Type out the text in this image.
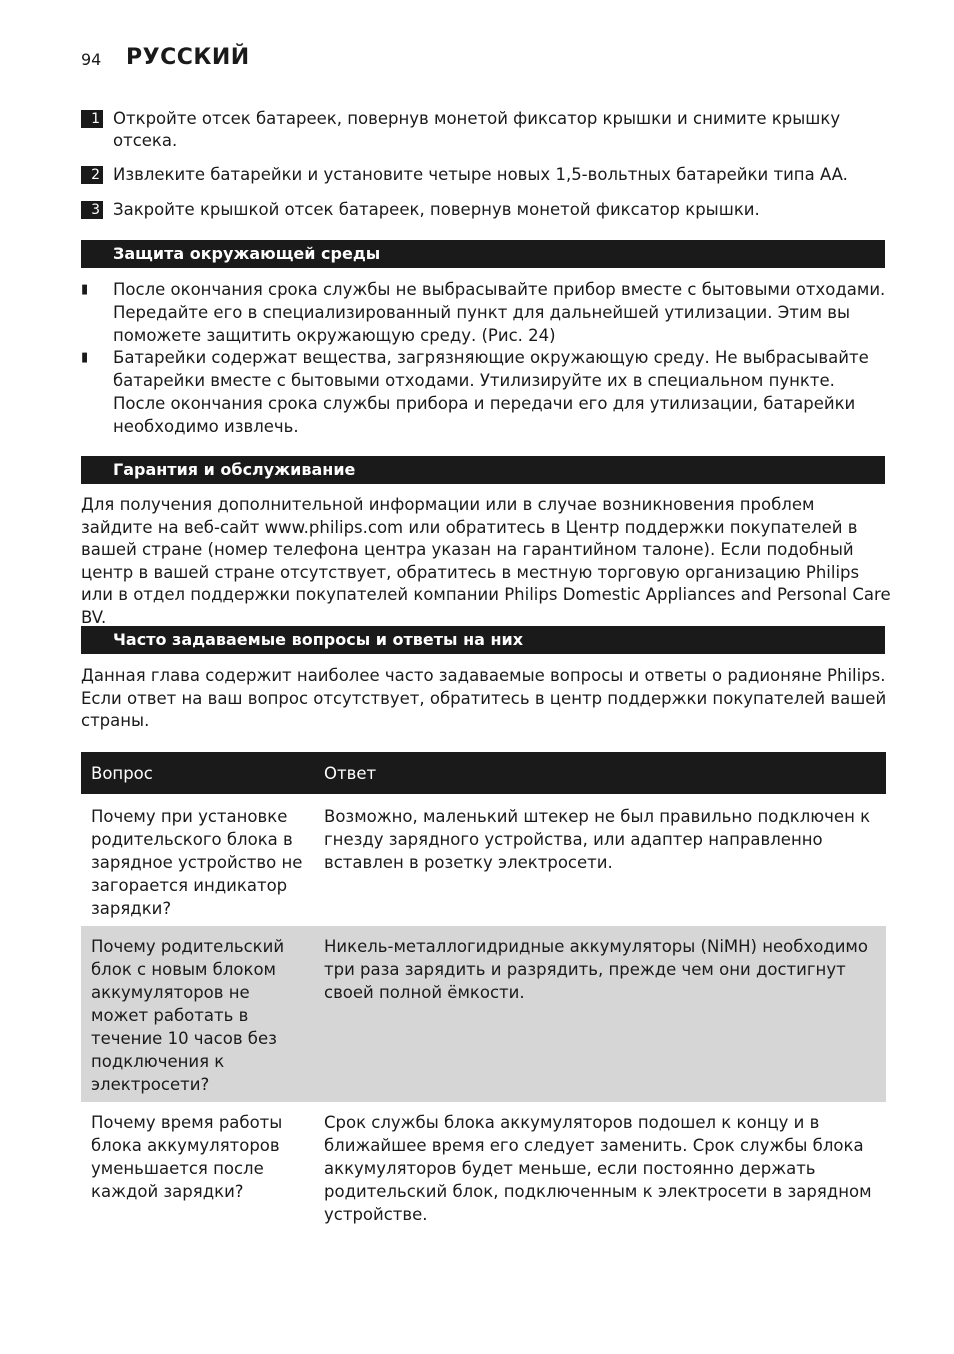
94 РУССКИЙ
1 Откройте отсек батареек, повернув монетой фиксатор крышки и снимите крышку отсека.
2 Извлеките батарейки и установите четыре новых 1,5-вольтных батарейки типа AA.
3 Закройте крышкой отсек батареек, повернув монетой фиксатор крышки.
Защита окружающей среды
▮	После окончания срока службы не выбрасывайте прибор вместе с бытовыми отходами. Передайте его в специализированный пункт для дальнейшей утилизации. Этим вы поможете защитить окружающую среду. (Рис. 24)
▮	Батарейки содержат вещества, загрязняющие окружающую среду. Не выбрасывайте батарейки вместе с бытовыми отходами. Утилизируйте их в специальном пункте. После окончания срока службы прибора и передачи его для утилизации, батарейки необходимо извлечь.
Гарантия и обслуживание
Для получения дополнительной информации или в случае возникновения проблем зайдите на веб-сайт www.philips.com или обратитесь в Центр поддержки покупателей в вашей стране (номер телефона центра указан на гарантийном талоне). Если подобный центр в вашей стране отсутствует, обратитесь в местную торговую организацию Philips или в отдел поддержки покупателей компании Philips Domestic Appliances and Personal Care BV.
Часто задаваемые вопросы и ответы на них
Данная глава содержит наиболее часто задаваемые вопросы и ответы о радионяне Philips. Если ответ на ваш вопрос отсутствует, обратитесь в центр поддержки покупателей вашей страны.
Вопрос	Ответ
Почему при установке родительского блока в зарядное устройство не загорается индикатор зарядки?	Возможно, маленький штекер не был правильно подключен к гнезду зарядного устройства, или адаптер направленно вставлен в розетку электросети.
Почему родительский блок с новым блоком аккумуляторов не может работать в течение 10 часов без подключения к электросети?	Никель-металлогидридные аккумуляторы (NiMH) необходимо три раза зарядить и разрядить, прежде чем они достигнут своей полной ёмкости.
Почему время работы блока аккумуляторов уменьшается после каждой зарядки?	Срок службы блока аккумуляторов подошел к концу и в ближайшее время его следует заменить. Срок службы блока аккумуляторов будет меньше, если постоянно держать родительский блок, подключенным к электросети в зарядном устройстве.
